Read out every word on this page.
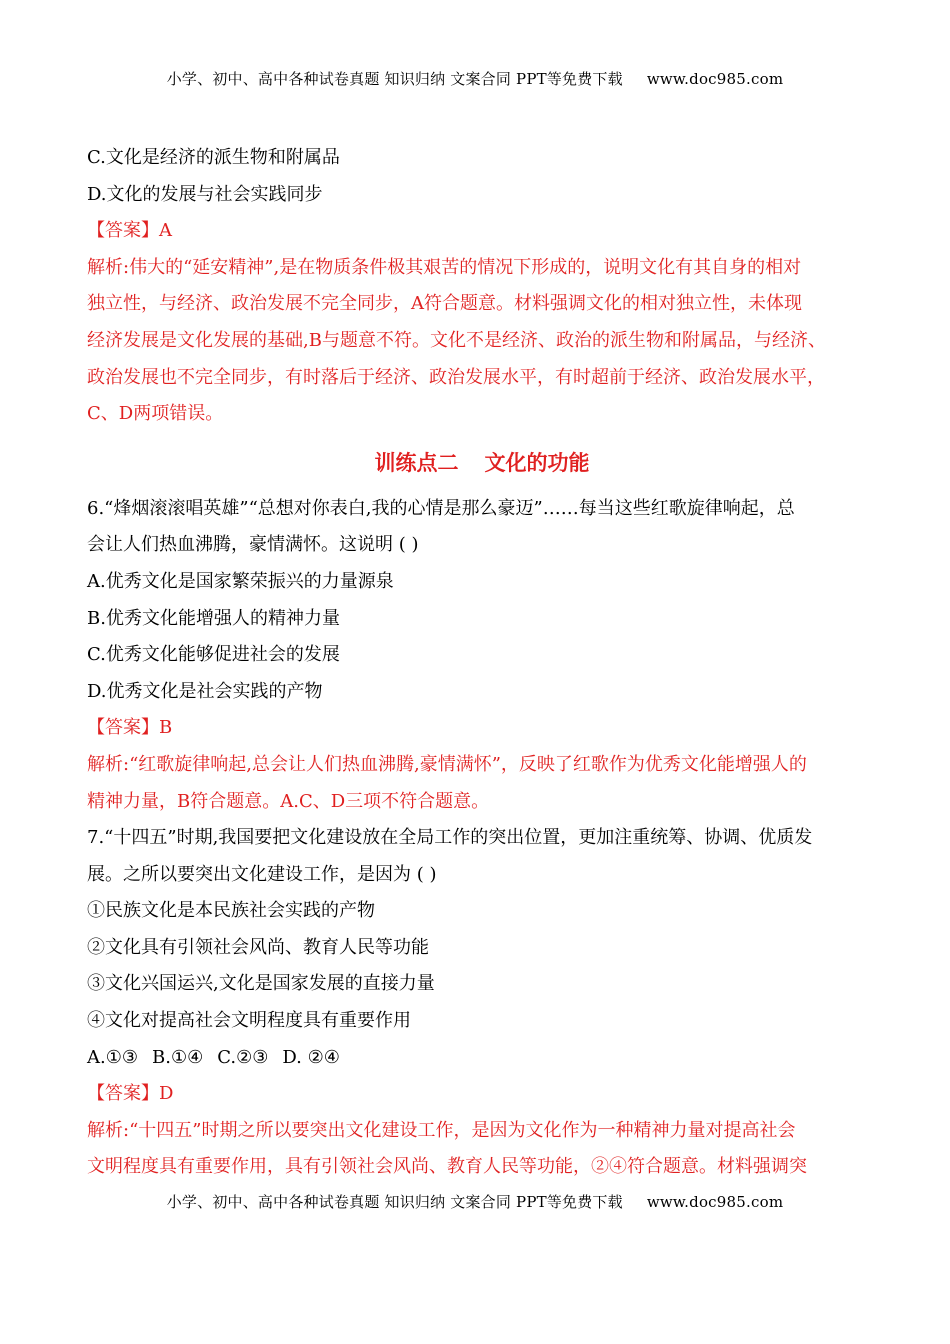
小学、初中、高中各种试卷真题 知识归纳 文案合同 PPT等免费下载 www.doc985.com
C.文化是经济的派生物和附属品
D.文化的发展与社会实践同步
【答案】A
解析:伟大的“延安精神”,是在物质条件极其艰苦的情况下形成的，说明文化有其自身的相对
独立性，与经济、政治发展不完全同步，A符合题意。材料强调文化的相对独立性，未体现
经济发展是文化发展的基础,B与题意不符。文化不是经济、政治的派生物和附属品，与经济、
政治发展也不完全同步，有时落后于经济、政治发展水平，有时超前于经济、政治发展水平，
C、D两项错误。
训练点二 文化的功能
6.“烽烟滚滚唱英雄”“总想对你表白,我的心情是那么豪迈”……每当这些红歌旋律响起，总
会让人们热血沸腾，豪情满怀。这说明 ( )
A.优秀文化是国家繁荣振兴的力量源泉
B.优秀文化能增强人的精神力量
C.优秀文化能够促进社会的发展
D.优秀文化是社会实践的产物
【答案】B
解析:“红歌旋律响起,总会让人们热血沸腾,豪情满怀”，反映了红歌作为优秀文化能增强人的
精神力量，B符合题意。A.C、D三项不符合题意。
7.“十四五”时期,我国要把文化建设放在全局工作的突出位置，更加注重统筹、协调、优质发
展。之所以要突出文化建设工作，是因为 ( )
①民族文化是本民族社会实践的产物
②文化具有引领社会风尚、教育人民等功能
③文化兴国运兴,文化是国家发展的直接力量
④文化对提高社会文明程度具有重要作用
A.①③ B.①④ C.②③ D. ②④
【答案】D
解析:“十四五”时期之所以要突出文化建设工作，是因为文化作为一种精神力量对提高社会
文明程度具有重要作用，具有引领社会风尚、教育人民等功能，②④符合题意。材料强调突
小学、初中、高中各种试卷真题 知识归纳 文案合同 PPT等免费下载 www.doc985.com
